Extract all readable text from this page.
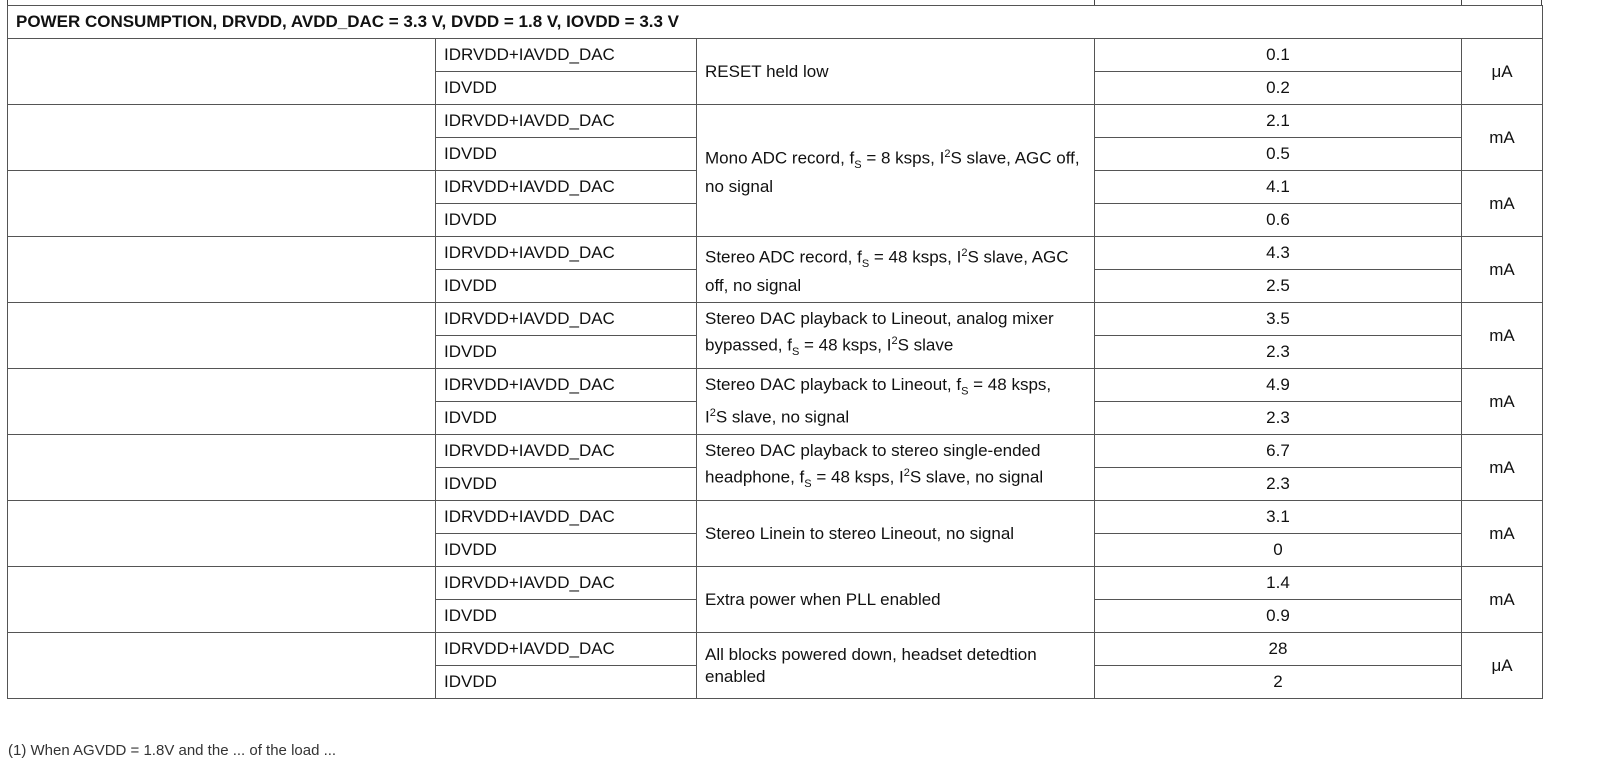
POWER CONSUMPTION, DRVDD, AVDD_DAC = 3.3 V, DVDD = 1.8 V, IOVDD = 3.3 V				
	IDRVDD+IAVDD_DAC	RESET held low	0.1	μA
	IDVDD		0.2	
	IDRVDD+IAVDD_DAC	Mono ADC record, $f_S = 8$ ksps, $I^2S$ slave, AGC off, no signal	2.1	mA
	IDVDD		0.5	
	IDRVDD+IAVDD_DAC		4.1	mA
	IDVDD		0.6	
	IDRVDD+IAVDD_DAC	Stereo ADC record, $f_S = 48$ ksps, $I^2S$ slave, AGC off, no signal	4.3	mA
	IDVDD		2.5	
	IDRVDD+IAVDD_DAC	Stereo DAC playback to Lineout, analog mixer
bypassed, $f_S = 48$ ksps, $I^2S$ slave	3.5	mA
	IDVDD		2.3	
	IDRVDD+IAVDD_DAC	Stereo DAC playback to Lineout, $f_S = 48$ ksps,
$I^2S$ slave, no signal	4.9	mA
	IDVDD		2.3	
	IDRVDD+IAVDD_DAC	Stereo DAC playback to stereo single-ended
headphone, $f_S = 48$ ksps, $I^2S$ slave, no signal	6.7	mA
	IDVDD		2.3	
	IDRVDD+IAVDD_DAC	Stereo Linein to stereo Lineout, no signal	3.1	mA
	IDVDD		0	
	IDRVDD+IAVDD_DAC	Extra power when PLL enabled	1.4	mA
	IDVDD		0.9	
	IDRVDD+IAVDD_DAC	All blocks powered down, headset detedtion enabled	28	μA
	IDVDD		2	
(1) When AGVDD = 1.8V and the ... of the load ...
